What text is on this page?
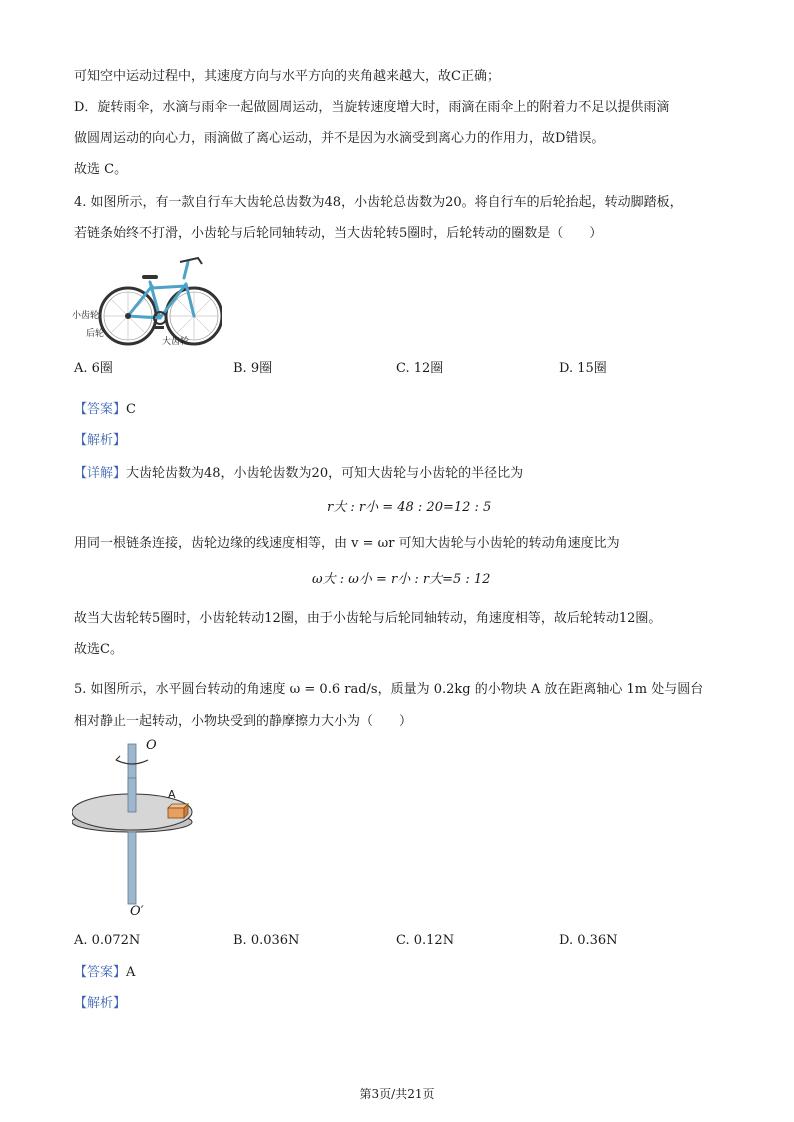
可知空中运动过程中，其速度方向与水平方向的夹角越来越大，故C正确；
D．旋转雨伞，水滴与雨伞一起做圆周运动，当旋转速度增大时，雨滴在雨伞上的附着力不足以提供雨滴
做圆周运动的向心力，雨滴做了离心运动，并不是因为水滴受到离心力的作用力，故D错误。
故选 C。
4. 如图所示，有一款自行车大齿轮总齿数为48，小齿轮总齿数为20。将自行车的后轮抬起，转动脚踏板，
若链条始终不打滑，小齿轮与后轮同轴转动，当大齿轮转5圈时，后轮转动的圈数是（　　）
小齿轮
后轮
大齿轮
A. 6圈	B. 9圈	C. 12圈	D. 15圈
【答案】C
【解析】
【详解】大齿轮齿数为48，小齿轮齿数为20，可知大齿轮与小齿轮的半径比为
r大 : r小 = 48 : 20=12 : 5
用同一根链条连接，齿轮边缘的线速度相等，由 v = ωr 可知大齿轮与小齿轮的转动角速度比为
ω大 : ω小 = r小 : r大=5 : 12
故当大齿轮转5圈时，小齿轮转动12圈，由于小齿轮与后轮同轴转动，角速度相等，故后轮转动12圈。
故选C。
5. 如图所示，水平圆台转动的角速度 ω = 0.6 rad/s，质量为 0.2kg 的小物块 A 放在距离轴心 1m 处与圆台
相对静止一起转动，小物块受到的静摩擦力大小为（　　）
O
A
O′
A. 0.072N	B. 0.036N	C. 0.12N	D. 0.36N
【答案】A
【解析】
第3页/共21页
